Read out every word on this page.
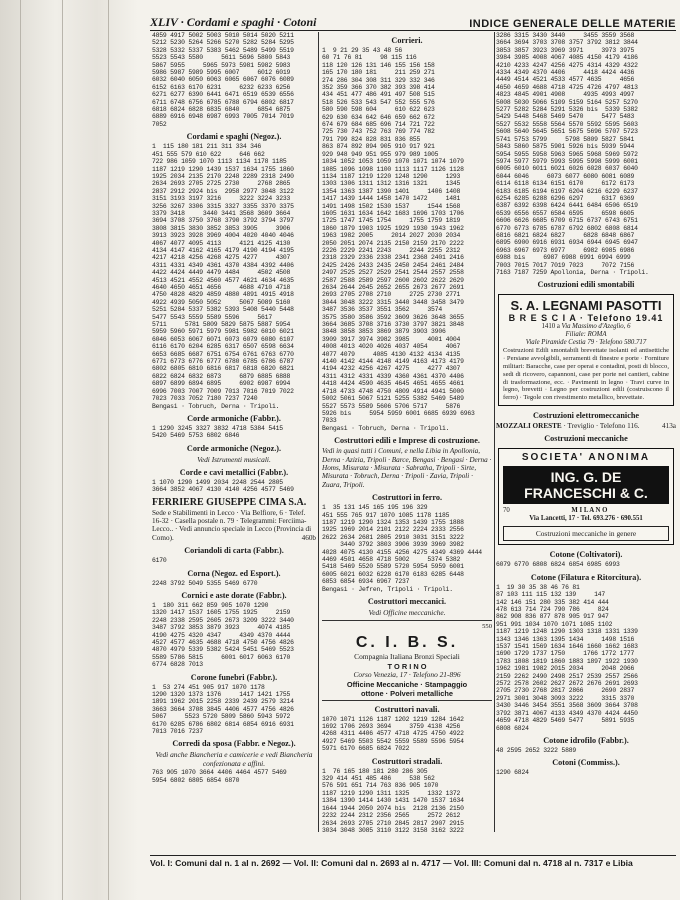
XLIV · Cordami e spaghi · Cotoni	INDICE GENERALE DELLE MATERIE
4859 4917 5002 5003 5010 5014 5020 5211
5212 5230 5264 5266 5270 5282 5284 5295
5328 5332 5337 5383 5462 5489 5499 5519
5523 5543 5580     5611 5696 5800 5843
5867 5955     5965 5973 5981 5982 5983
5986 5987 5989 5995 6007     6012 6019
6032 6040 6050 6063 6065 6067 6076 6089
6152 6163 6170 6231     6232 6233 6256
6271 6277 6390 6441 6471 6519 6539 6556
6711 6748 6756 6785 6788 6794 6802 6817
6818 6824 6828 6835 6840     6854 6875
6889 6916 6948 6987 6993 7005 7014 7019
7052
Cordami e spaghi (Negoz.).
1  115 180 181 211 311 334 346
451 555 579 610 622     646 662
722 986 1059 1070 1113 1134 1178 1185
1187 1219 1290 1439 1537 1634 1755 1860
1925 2034 2135 2170 2248 2289 2318 2490
2634 2693 2705 2725 2730     2768 2865
2837 2912 2924 bis  2958 2977 3048 3122
3151 3193 3197 3216     3222 3224 3233
3256 3267 3306 3315 3327 3355 3370 3375
3379 3418     3440 3441 3568 3609 3664
3694 3708 3750 3768 3790 3792 3794 3797
3808 3815 3830 3852 3853 3905     3906
3913 3923 3928 3969 4004 4020 4040 4046
4067 4077 4095 4113     4121 4125 4130
4134 4147 4162 4165 4179 4190 4194 4195
4217 4218 4256 4268 4275 4277     4307
4311 4331 4349 4361 4370 4384 4392 4406
4422 4424 4449 4479 4484     4502 4508
4513 4521 4552 4560 4577 4621 4634 4635
4640 4650 4651 4656     4688 4710 4718
4750 4828 4829 4859 4880 4891 4915 4918
4922 4939 5050 5052     5067 5089 5160
5251 5284 5337 5382 5393 5408 5440 5448
5477 5543 5559 5589 5596     5617
5711     5781 5809 5829 5875 5887 5954
5959 5960 5971 5979 5981 5982 6010 6021
6046 6053 6067 6071 6073 6079 6080 6107
6116 6170 6204 6285 6317 6507 6598 6634
6653 6685 6687 6751 6754 6761 6763 6770
6771 6773 6776 6777 6780 6785 6786 6787
6802 6805 6810 6816 6817 6818 6820 6821
6822 6824 6832 6873     6879 6885 6888
6897 6899 6894 6895     6902 6987 6994
6996 7003 7007 7009 7013 7016 7019 7022
7023 7033 7052 7180 7237 7240
Bengasi · Tobruch, Derna · Tripoli.
Corde armoniche (Fabbr.).
1 1290 3245 3327 3832 4718 5384 5415
5420 5469 5753 6802 6846
Corde armoniche (Negoz.).
Vedi Istrumenti musicali.
Corde e cavi metallici (Fabbr.).
1 1070 1290 1499 2034 2248 2544 2805
3664 3852 4067 4130 4140 4256 4577 5469
FERRIERE GIUSEPPE CIMA S.A.
Sede e Stabilimenti in Lecco · Via Belfiore, 6 · Telef. 16-32 · Casella postale n. 79 · Telegrammi: Ferciima-Lecco.. · Vedi annuncio speciale in Lecco (Provincia di Como).	460b
Coriandoli di carta (Fabbr.).
6170
Corna (Negoz. ed Esport.).
2248 3792 5049 5355 5469 6770
Cornici e aste dorate (Fabbr.).
1  180 311 662 859 905 1070 1290
1320 1417 1537 1605 1755 1925     2159
2248 2338 2595 2605 2673 3209 3222 3440
3487 3792 3853 3879 3923     4074 4185
4190 4275 4320 4347     4349 4370 4444
4527 4577 4635 4688 4718 4750 4756 4826
4870 4979 5339 5382 5424 5451 5469 5523
5589 5786 5815     6001 6017 6063 6170
6774 6828 7013
Corone funebri (Fabbr.).
1  53 274 451 905 917 1070 1178
1290 1320 1373 1376     1417 1421 1755
1891 1962 2015 2258 2339 2439 2579 3214
3663 3664 3708 3845 4406 4577 4756 4826
5067     5523 5720 5809 5860 5943 5972
6170 6285 6786 6802 6814 6854 6916 6931
7013 7016 7237
Corredi da sposa (Fabbr. e Negoz.).
Vedi anche Biancheria e camicerie e vedi Biancheria confezionata e affini.
763 905 1070 3664 4406 4464 4577 5469
5954 6802 6805 6854 6870
Corrieri.
1  9 21 29 35 43 48 56
60 71 76 81     98 115 116
118 120 126 131 146 155 156 158
165 170 180 181     211 259 271
274 286 304 308 311 329 332 346
352 359 366 370 382 393 398 414
434 451 477 486 491 497 508 515
518 526 533 543 547 552 555 576
580 590 598 604     610 622 623
629 630 634 642 646 659 662 672
674 679 684 685 696 714 721 722
725 730 743 752 763 769 774 782
791 799 824 828 831 836 855
863 874 892 894 905 910 917 921
929 948 949 951 955 979 989 1005
1034 1052 1053 1059 1070 1071 1074 1079
1085 1096 1098 1100 1113 1117 1126 1128
1134 1187 1219 1220 1248 1290     1293
1303 1306 1311 1312 1316 1321     1345
1354 1363 1387 1390 1401     1406 1408
1417 1439 1444 1458 1470 1472     1481
1491 1498 1502 1530 1537     1544 1568
1605 1631 1634 1642 1683 1696 1703 1706
1725 1747 1745 1754     1755 1759 1819
1860 1879 1903 1925 1929 1930 1943 1962
1963 1982 2005     2014 2027 2030 2034
2050 2051 2074 2135 2150 2159 2170 2222
2226 2229 2241 2243     2244 2255 2312
2318 2329 2336 2338 2341 2368 2401 2416
2425 2426 2433 2435 2450 2454 2461 2484
2497 2525 2527 2529 2541 2544 2557 2558
2587 2588 2589 2597 2600 2602 2622 2629
2634 2644 2645 2652 2655 2673 2677 2691
2693 2705 2708 2710     2725 2730 2771
3044 3048 3222 3315 3440 3448 3458 3479
3487 3536 3537 3551 3562     3574
3575 3580 3586 3592 3609 3626 3648 3655
3664 3685 3708 3716 3730 3797 3821 3848
3848 3858 3853 3869 3879 3903 3906
3909 3917 3974 3982 3985     4001 4004
4008 4013 4020 4026 4037 4054     4067
4077 4079     4085 4130 4132 4134 4135
4140 4142 4144 4148 4149 4163 4173 4179
4194 4232 4256 4267 4275     4277 4307
4311 4312 4331 4339 4360 4361 4370 4406
4418 4424 4590 4635 4645 4651 4655 4661
4718 4733 4748 4750 4809 4914 4941 5000
5002 5061 5067 5121 5255 5382 5469 5489
5527 5573 5589 5606 5706 5717     5876
5926 bis     5954 5959 6001 6685 6939 6963
7033
Bengasi · Tobruch, Derna · Tripoli.
Costruttori edili e Imprese di costruzione.
Vedi in quasi tutti i Comuni, e nella Libia in Apollonia, Derna · Azizia, Tripoli · Barce, Bengasi · Bengasi · Derna · Homs, Misurata · Misurata · Sabratha, Tripoli · Sirte, Misurata · Tobruch, Derna · Tripoli · Zavia, Tripoli · Zuara, Tripoli.
Costruttori in ferro.
1  35 131 145 165 195 196 329
451 555 765 917 1070 1085 1178 1185
1187 1219 1290 1324 1353 1439 1755 1888
1925 1969 2014 2101 2122 2224 2333 2556
2622 2634 2681 2805 2910 3031 3151 3222
3440 3792 3803 3906 3939 3969 3982
4028 4075 4130 4155 4256 4275 4349 4369 4444
4469 4501 4658 4718 5002     5374 5382
5418 5469 5520 5589 5720 5954 5959 6001
6005 6021 6032 6228 6170 6183 6285 6448
6853 6854 6934 6967 7237
Bengasi · Jefren, Tripoli · Tripoli.
Costruttori meccanici.
Vedi Officine meccaniche.
550
C. I. B. S.
Compagnia Italiana Bronzi Speciali
T O R I N O
Corso Venezia, 17 · Telefono 21-896
Officine Meccaniche · Stampaggio
ottone · Polveri metalliche
Costruttori navali.
1070 1071 1126 1187 1202 1219 1284 1642
1692 1706 2693 3694     3759 4138 4256
4268 4311 4406 4577 4718 4725 4750 4922
4927 5469 5503 5542 5559 5589 5596 5954
5971 6170 6685 6824 7022
Costruttori stradali.
1  76 165 180 181 280 286 305
329 414 451 485 486     538 562
576 591 651 714 763 836 905 1070
1187 1219 1290 1311 1325     1332 1372
1384 1390 1414 1430 1431 1470 1537 1634
1644 1944 2050 2074 bis  2128 2136 2150
2232 2244 2312 2356 2565     2572 2612
2634 2693 2705 2710 2845 2817 2907 2915
3034 3048 3085 3110 3122 3158 3162 3222
3286 3315 3430 3440     3455 3559 3568
3664 3694 3703 3708 3757 3792 3812 3844
3853 3857 3923 3969 3971     3973 3975
3984 3985 4008 4067 4085 4150 4179 4186
4210 4233 4247 4256 4275 4314 4329 4322
4334 4349 4370 4406     4418 4424 4436
4449 4514 4521 4533 4577 4635     4656
4650 4659 4688 4718 4725 4726 4797 4813
4823 4845 4901 4908     4935 4993 4997
5008 5030 5066 5109 5159 5164 5257 5270
5277 5282 5284 5291 5326 bis  5339 5382
5429 5448 5468 5469 5470     5477 5483
5527 5532 5558 5564 5570 5592 5595 5603
5608 5640 5645 5651 5675 5696 5707 5723
5741 5753 5799     5798 5809 5827 5841
5843 5860 5875 5901 5926 bis 5939 5944
5954 5955 5958 5963 5965 5968 5969 5972
5974 5977 5979 5993 5995 5998 5999 6001
6005 6010 6011 6021 6026 6028 6037 6040
6044 6046     6073 6077 6080 6081 6089
6114 6118 6134 6151 6170     6172 6173
6183 6185 6194 6197 6204 6216 6229 6237
6254 6285 6288 6296 6297     6317 6369
6387 6392 6398 6424 6441 6484 6506 6519
6539 6556 6557 6584 6595     6598 6605
6606 6626 6685 6709 6715 6737 6743 6751
6770 6773 6785 6787 6792 6802 6808 6814
6816 6821 6824 6827     6828 6848 6867
6895 6900 6916 6931 6934 6944 6945 6947
6963 6967 6973 6977     6982 6985 6986
6988 bis     6987 6988 6991 6994 6999
7003 7015 7017 7019 7023     7072 7156
7163 7187 7259 Apollonia, Derna · Tripoli.
Costruzioni edili smontabili
S. A. LEGNAMI PASOTTI
B R E S C I A · Telefono 19.41
1410 a Via Massimo d'Azeglio, 6
Filiale: ROMA
Viale Piramide Cestia 79 · Telefono 580.717
Costruzioni Edili smontabili brevettate isolanti ed antisettiche · Persiane avvolgibili, serramenti di finestre e porte · Forniture militari: Baracche, case per operai e contadini, posti di blocco, sedi di ricovero, capannoni, case per porte nei cantieri, cabine di trasformazione, ecc. · Pavimenti in legno · Travi curve in legno, brevetti · Legno per costruzioni edili (costruiscono il ferro) · Tegole con rivestimento metallico, brevettate.
Costruzioni elettromeccaniche
MOZZALI ORESTE · Treviglio · Telefono 116.	413a
Costruzioni meccaniche
SOCIETA' ANONIMA
ING. G. DE FRANCESCHI & C.
70	M I L A N O
Via Lancetti, 17 · Tel. 693.276 · 690.551
Costruzioni meccaniche in genere
Cotone (Coltivatori).
6079 6770 6808 6824 6854 6985 6993
Cotone (Filatura e Ritorcitura).
1  19 30 35 38 46 76 81
87 103 111 115 132 139     147
142 146 151 280 335 382 414 444
478 613 714 724 790 786     824
862 908 836 877 878 905 917 947
951 991 1034 1070 1071 1085 1102
1187 1219 1248 1290 1303 1318 1331 1339
1343 1346 1363 1395 1434     1498 1516
1537 1541 1569 1634 1646 1660 1662 1683
1690 1729 1737 1750     1766 1772 1777
1783 1808 1819 1860 1883 1897 1922 1930
1962 1981 1982 2015 2034     2048 2066
2159 2262 2490 2498 2517 2539 2557 2566
2572 2578 2602 2627 2672 2676 2691 2693
2705 2730 2768 2817 2866     2690 2837
2971 3001 3048 3093 3222     3315 3370
3430 3446 3454 3551 3568 3609 3664 3708
3792 3871 4067 4133 4349 4370 4424 4450
4659 4718 4829 5469 5477     5891 5935
6808 6824
Cotone idrofilo (Fabbr.).
48 2595 2652 3222 5889
Cotoni (Commiss.).
1290 6824
Vol. I: Comuni dal n. 1 al n. 2692 — Vol. II: Comuni dal n. 2693 al n. 4717 — Vol. III: Comuni dal n. 4718 al n. 7317 e Libia
